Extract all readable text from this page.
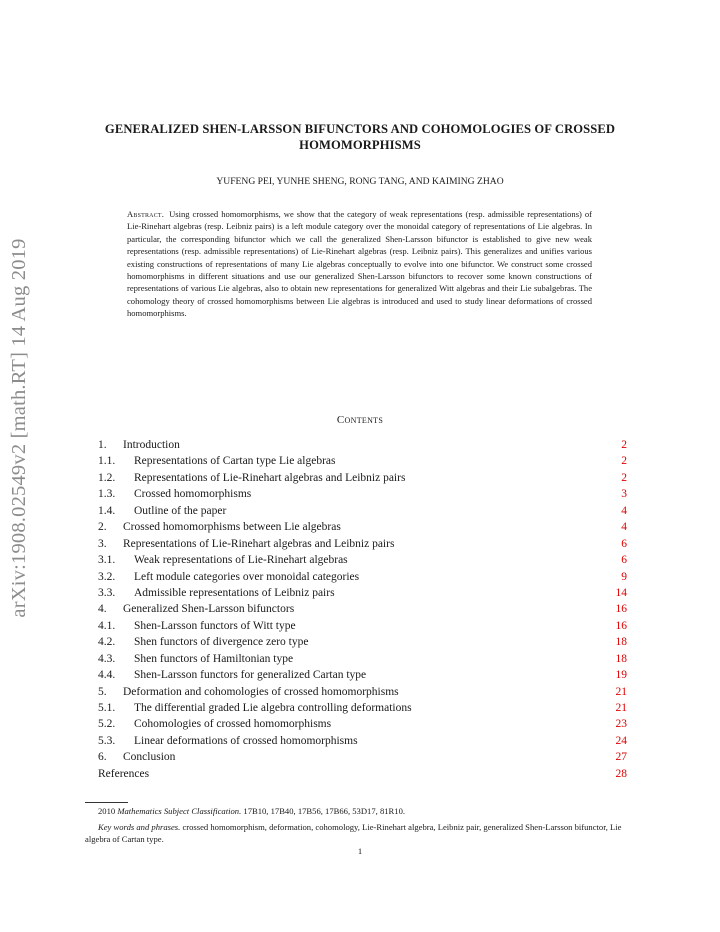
arXiv:1908.02549v2 [math.RT] 14 Aug 2019
GENERALIZED SHEN-LARSSON BIFUNCTORS AND COHOMOLOGIES OF CROSSED HOMOMORPHISMS
YUFENG PEI, YUNHE SHENG, RONG TANG, AND KAIMING ZHAO
Abstract. Using crossed homomorphisms, we show that the category of weak representations (resp. admissible representations) of Lie-Rinehart algebras (resp. Leibniz pairs) is a left module category over the monoidal category of representations of Lie algebras. In particular, the corresponding bifunctor which we call the generalized Shen-Larsson bifunctor is established to give new weak representations (resp. admissible representations) of Lie-Rinehart algebras (resp. Leibniz pairs). This generalizes and unifies various existing constructions of representations of many Lie algebras conceptually to evolve into one bifunctor. We construct some crossed homomorphisms in different situations and use our generalized Shen-Larsson bifunctors to recover some known constructions of representations of various Lie algebras, also to obtain new representations for generalized Witt algebras and their Lie subalgebras. The cohomology theory of crossed homomorphisms between Lie algebras is introduced and used to study linear deformations of crossed homomorphisms.
Contents
1.	Introduction	2
1.1.	Representations of Cartan type Lie algebras	2
1.2.	Representations of Lie-Rinehart algebras and Leibniz pairs	2
1.3.	Crossed homomorphisms	3
1.4.	Outline of the paper	4
2.	Crossed homomorphisms between Lie algebras	4
3.	Representations of Lie-Rinehart algebras and Leibniz pairs	6
3.1.	Weak representations of Lie-Rinehart algebras	6
3.2.	Left module categories over monoidal categories	9
3.3.	Admissible representations of Leibniz pairs	14
4.	Generalized Shen-Larsson bifunctors	16
4.1.	Shen-Larsson functors of Witt type	16
4.2.	Shen functors of divergence zero type	18
4.3.	Shen functors of Hamiltonian type	18
4.4.	Shen-Larsson functors for generalized Cartan type	19
5.	Deformation and cohomologies of crossed homomorphisms	21
5.1.	The differential graded Lie algebra controlling deformations	21
5.2.	Cohomologies of crossed homomorphisms	23
5.3.	Linear deformations of crossed homomorphisms	24
6.	Conclusion	27
References	28
2010 Mathematics Subject Classification. 17B10, 17B40, 17B56, 17B66, 53D17, 81R10.
Key words and phrases. crossed homomorphism, deformation, cohomology, Lie-Rinehart algebra, Leibniz pair, generalized Shen-Larsson bifunctor, Lie algebra of Cartan type.
1
